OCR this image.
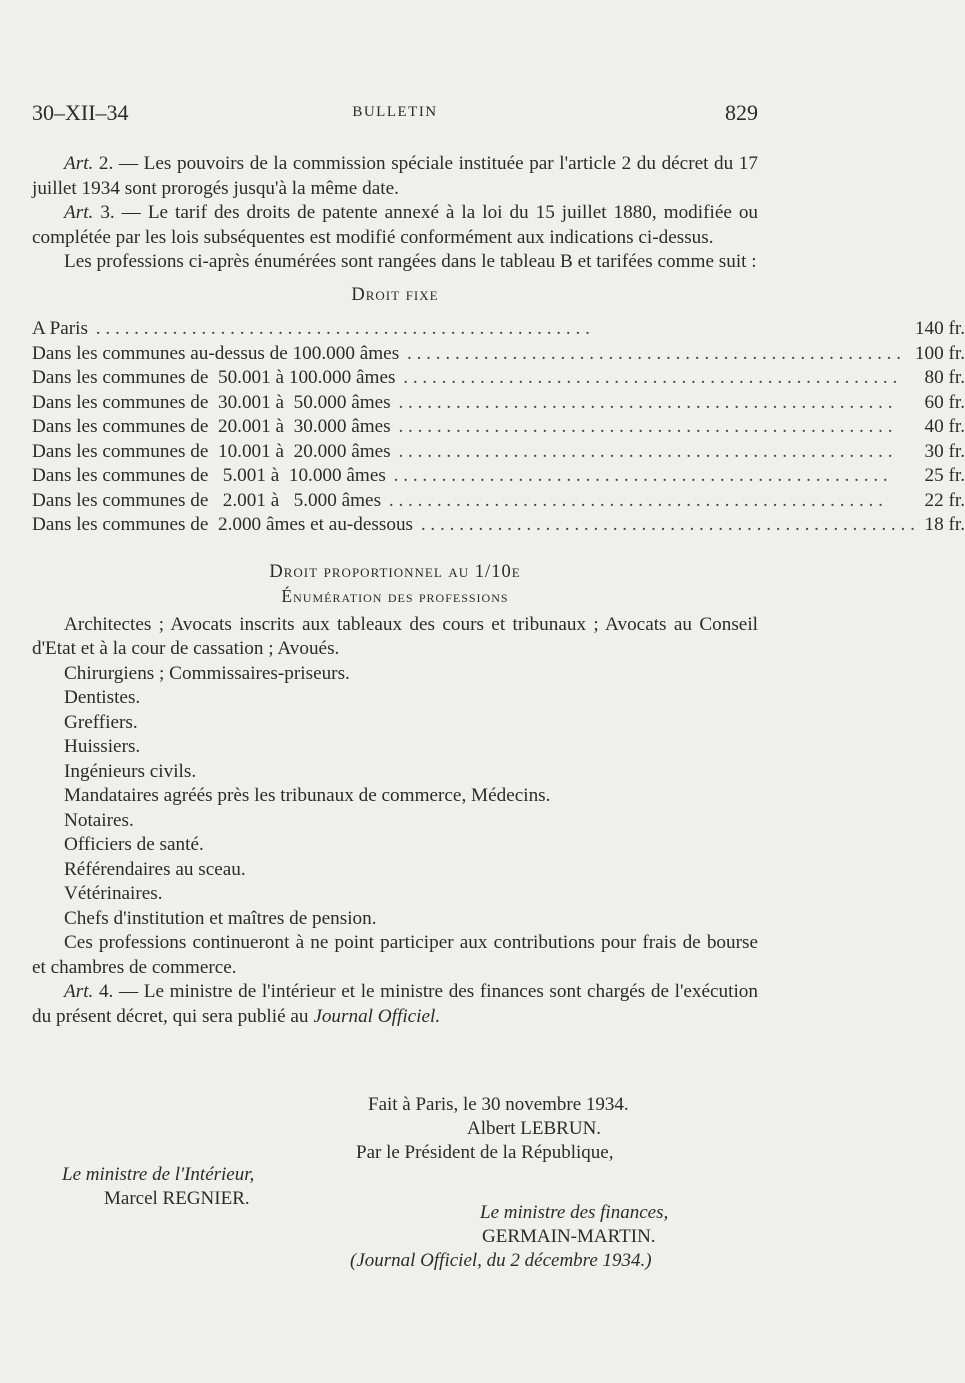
30–XII–34	BULLETIN	829

Art. 2. — Les pouvoirs de la commission spéciale instituée par l'article 2 du décret du 17 juillet 1934 sont prorogés jusqu'à la même date.

Art. 3. — Le tarif des droits de patente annexé à la loi du 15 juillet 1880, modifiée ou complétée par les lois subséquentes est modifié conformément aux indications ci-dessus.

Les professions ci-après énumérées sont rangées dans le tableau B et tarifées comme suit :

Droit fixe

A Paris . . . . . . . . . . . . . . . . . . . . . . . . . . . . . . . . . . . . . . . . . . . . . . . . . . . .	140 fr.
Dans les communes au-dessus de 100.000 âmes . . . . . . . . . . . . . . . . . . . . . . . . . . . . . . . . . . . . . . . . . . . . . . . . . . . .	100 fr.
Dans les communes de  50.001 à 100.000 âmes . . . . . . . . . . . . . . . . . . . . . . . . . . . . . . . . . . . . . . . . . . . . . . . . . . . .	80 fr.
Dans les communes de  30.001 à  50.000 âmes . . . . . . . . . . . . . . . . . . . . . . . . . . . . . . . . . . . . . . . . . . . . . . . . . . . .	60 fr.
Dans les communes de  20.001 à  30.000 âmes . . . . . . . . . . . . . . . . . . . . . . . . . . . . . . . . . . . . . . . . . . . . . . . . . . . .	40 fr.
Dans les communes de  10.001 à  20.000 âmes . . . . . . . . . . . . . . . . . . . . . . . . . . . . . . . . . . . . . . . . . . . . . . . . . . . .	30 fr.
Dans les communes de   5.001 à  10.000 âmes . . . . . . . . . . . . . . . . . . . . . . . . . . . . . . . . . . . . . . . . . . . . . . . . . . . .	25 fr.
Dans les communes de   2.001 à   5.000 âmes . . . . . . . . . . . . . . . . . . . . . . . . . . . . . . . . . . . . . . . . . . . . . . . . . . . .	22 fr.
Dans les communes de  2.000 âmes et au-dessous . . . . . . . . . . . . . . . . . . . . . . . . . . . . . . . . . . . . . . . . . . . . . . . . . . . .	18 fr.

Droit proportionnel au 1/10e

Énumération des professions

Architectes ; Avocats inscrits aux tableaux des cours et tribunaux ; Avocats au Conseil d'Etat et à la cour de cassation ; Avoués.

Chirurgiens ; Commissaires-priseurs.

Dentistes.

Greffiers.

Huissiers.

Ingénieurs civils.

Mandataires agréés près les tribunaux de commerce, Médecins.

Notaires.

Officiers de santé.

Référendaires au sceau.

Vétérinaires.

Chefs d'institution et maîtres de pension.

Ces professions continueront à ne point participer aux contributions pour frais de bourse et chambres de commerce.

Art. 4. — Le ministre de l'intérieur et le ministre des finances sont chargés de l'exécution du présent décret, qui sera publié au Journal Officiel.

Fait à Paris, le 30 novembre 1934.
Albert LEBRUN.
Par le Président de la République,
Le ministre de l'Intérieur,
Marcel REGNIER.
Le ministre des finances,
GERMAIN-MARTIN.
(Journal Officiel, du 2 décembre 1934.)
